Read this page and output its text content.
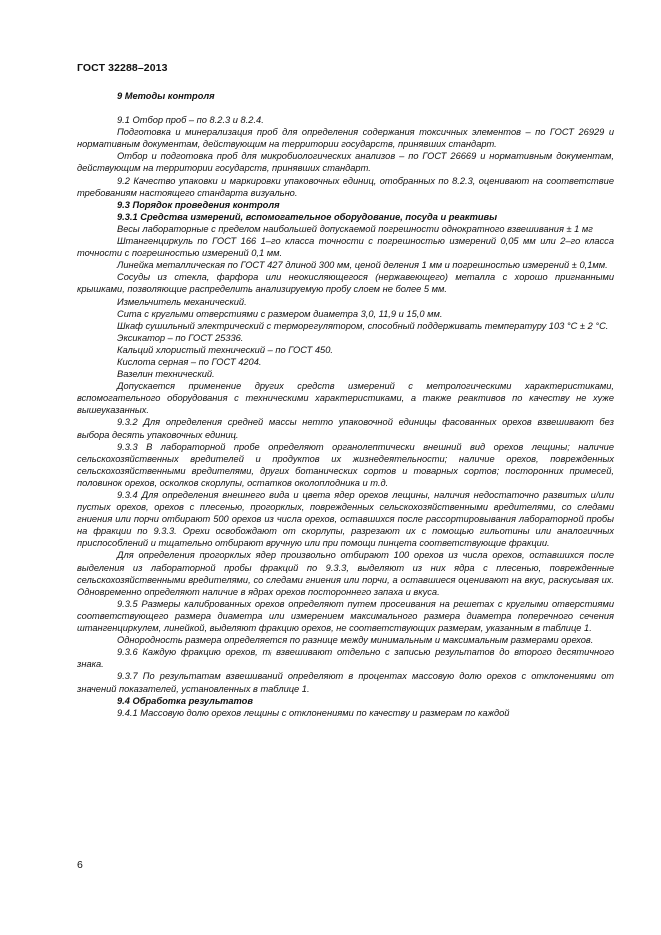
ГОСТ 32288–2013

9 Методы контроля

9.1 Отбор проб – по 8.2.3 и 8.2.4.

Подготовка и минерализация проб для определения содержания токсичных элементов – по ГОСТ 26929 и нормативным документам, действующим на территории государств, принявших стандарт.

Отбор и подготовка проб для микробиологических анализов – по ГОСТ 26669 и нормативным документам, действующим на территории государств, принявших стандарт.

9.2 Качество упаковки и маркировки упаковочных единиц, отобранных по 8.2.3, оценивают на соответствие требованиям настоящего стандарта визуально.

9.3 Порядок проведения контроля

9.3.1 Средства измерений, вспомогательное оборудование, посуда и реактивы

Весы лабораторные с пределом наибольшей допускаемой погрешности однократного взвешивания ± 1 мг

Штангенциркуль по ГОСТ 166 1–го класса точности с погрешностью измерений 0,05 мм или 2–го класса точности с погрешностью измерений 0,1 мм.

Линейка металлическая по ГОСТ 427 длиной 300 мм, ценой деления 1 мм и погрешностью измерений ± 0,1мм.

Сосуды из стекла, фарфора или неокисляющегося (нержавеющего) металла с хорошо пригнанными крышками, позволяющие распределить анализируемую пробу слоем не более 5 мм.

Измельчитель механический.

Сита с круглыми отверстиями с размером диаметра 3,0, 11,9 и 15,0 мм.

Шкаф сушильный электрический с терморегулятором, способный поддерживать температуру 103 °С ± 2 °С.

Эксикатор – по ГОСТ 25336.

Кальций хлористый технический – по ГОСТ 450.

Кислота серная – по ГОСТ 4204.

Вазелин технический.

Допускается применение других средств измерений с метрологическими характеристиками, вспомогательного оборудования с техническими характеристиками, а также реактивов по качеству не хуже вышеуказанных.

9.3.2 Для определения средней массы нетто упаковочной единицы фасованных орехов взвешивают без выбора десять упаковочных единиц.

9.3.3 В лабораторной пробе определяют органолептически внешний вид орехов лещины; наличие сельскохозяйственных вредителей и продуктов их жизнедеятельности; наличие орехов, поврежденных сельскохозяйственными вредителями, других ботанических сортов и товарных сортов; посторонних примесей, половинок орехов, осколков скорлупы, остатков околоплодника и т.д.

9.3.4 Для определения внешнего вида и цвета ядер орехов лещины, наличия недостаточно развитых и/или пустых орехов, орехов с плесенью, прогорклых, поврежденных сельскохозяйственными вредителями, со следами гниения или порчи отбирают 500 орехов из числа орехов, оставшихся после рассортировывания лабораторной пробы на фракции по 9.3.3. Орехи освобождают от скорлупы, разрезают их с помощью гильотины или аналогичных приспособлений и тщательно отбирают вручную или при помощи пинцета соответствующие фракции.

Для определения прогорклых ядер произвольно отбирают 100 орехов из числа орехов, оставшихся после выделения из лабораторной пробы фракций по 9.3.3, выделяют из них ядра с плесенью, поврежденные сельскохозяйственными вредителями, со следами гниения или порчи, а оставшиеся оценивают на вкус, раскусывая их. Одновременно определяют наличие в ядрах орехов постороннего запаха и вкуса.

9.3.5 Размеры калиброванных орехов определяют путем просеивания на решетах с круглыми отверстиями соответствующего размера диаметра или измерением максимального размера диаметра поперечного сечения штангенциркулем, линейкой, выделяют фракцию орехов, не соответствующих размерам, указанным в таблице 1.

Однородность размера определяется по разнице между минимальным и максимальным размерами орехов.

9.3.6 Каждую фракцию орехов, mᵢ взвешивают отдельно с записью результатов до второго десятичного знака.

9.3.7 По результатам взвешиваний определяют в процентах массовую долю орехов с отклонениями от значений показателей, установленных в таблице 1.

9.4 Обработка результатов

9.4.1 Массовую долю орехов лещины с отклонениями по качеству и размерам по каждой

6
